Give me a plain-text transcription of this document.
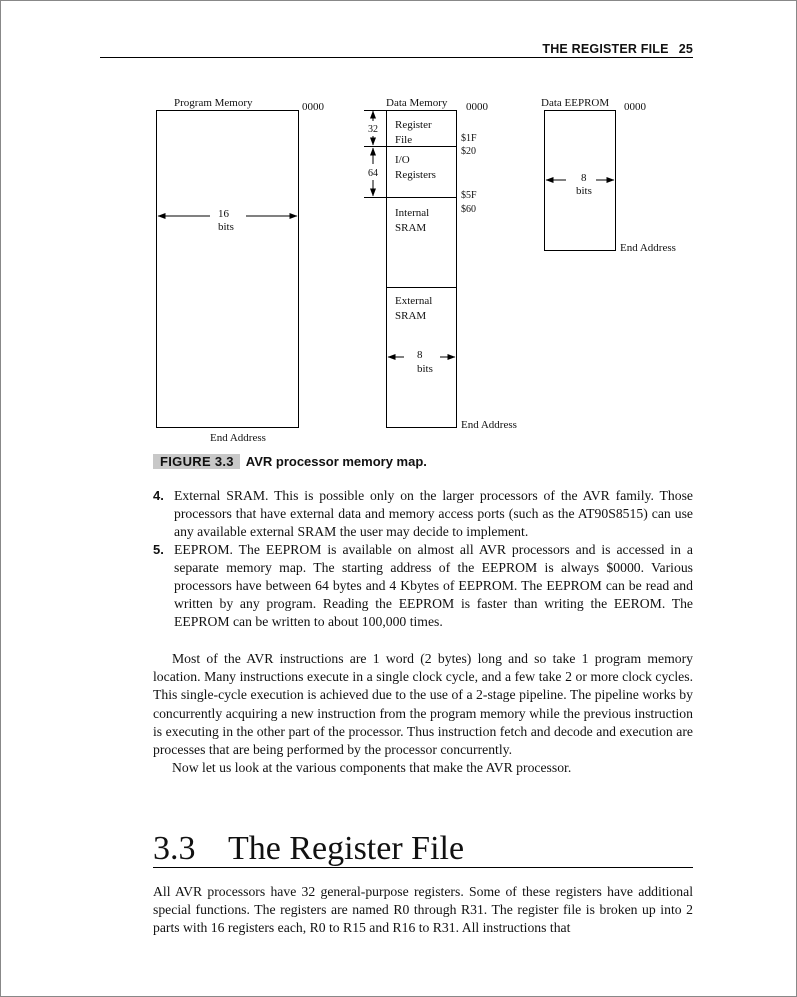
THE REGISTER FILE 25
Program Memory	0000
16
bits
End Address
Data Memory 0000
32
64
Register
File
I/O
Registers
Internal
SRAM
External
SRAM
$1F
$20
$5F
$60
8
bits
End Address
Data EEPROM 0000
8
bits
End Address
FIGURE 3.3 AVR processor memory map.
4. External SRAM. This is possible only on the larger processors of the AVR family. Those processors that have external data and memory access ports (such as the AT90S8515) can use any available external SRAM the user may decide to implement.
5. EEPROM. The EEPROM is available on almost all AVR processors and is accessed in a separate memory map. The starting address of the EEPROM is always $0000. Various processors have between 64 bytes and 4 Kbytes of EEPROM. The EEPROM can be read and written by any program. Reading the EEPROM is faster than writing the EEROM. The EEPROM can be written to about 100,000 times.

Most of the AVR instructions are 1 word (2 bytes) long and so take 1 program memory location. Many instructions execute in a single clock cycle, and a few take 2 or more clock cycles. This single-cycle execution is achieved due to the use of a 2-stage pipeline. The pipeline works by concurrently acquiring a new instruction from the program memory while the previous instruction is executing in the other part of the processor. Thus instruction fetch and decode and execution are processes that are being performed by the processor concurrently.

Now let us look at the various components that make the AVR processor.

3.3 The Register File

All AVR processors have 32 general-purpose registers. Some of these registers have additional special functions. The registers are named R0 through R31. The register file is broken up into 2 parts with 16 registers each, R0 to R15 and R16 to R31. All instructions that
